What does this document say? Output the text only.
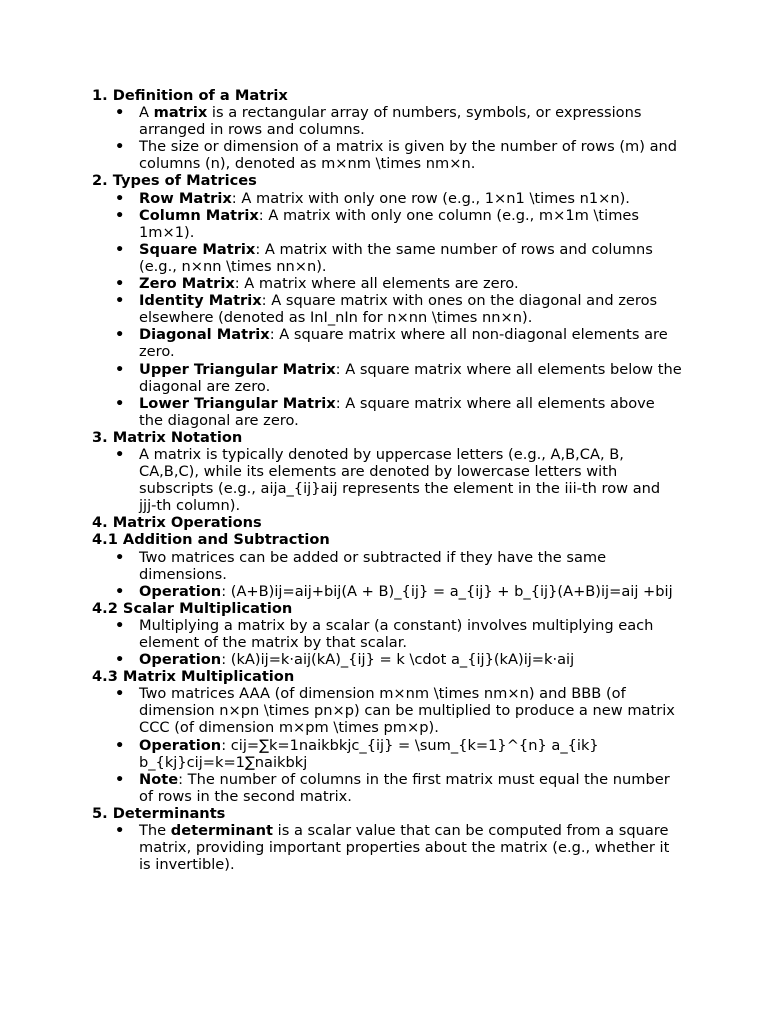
1. Definition of a Matrix
• A matrix is a rectangular array of numbers, symbols, or expressions arranged in rows and columns.
• The size or dimension of a matrix is given by the number of rows (m) and columns (n), denoted as m×nm \times nm×n.
2. Types of Matrices
• Row Matrix: A matrix with only one row (e.g., 1×n1 \times n1×n).
• Column Matrix: A matrix with only one column (e.g., m×1m \times 1m×1).
• Square Matrix: A matrix with the same number of rows and columns (e.g., n×nn \times nn×n).
• Zero Matrix: A matrix where all elements are zero.
• Identity Matrix: A square matrix with ones on the diagonal and zeros elsewhere (denoted as InI_nIn for n×nn \times nn×n).
• Diagonal Matrix: A square matrix where all non-diagonal elements are zero.
• Upper Triangular Matrix: A square matrix where all elements below the diagonal are zero.
• Lower Triangular Matrix: A square matrix where all elements above the diagonal are zero.
3. Matrix Notation
• A matrix is typically denoted by uppercase letters (e.g., A,B,CA, B, CA,B,C), while its elements are denoted by lowercase letters with subscripts (e.g., aija_{ij}aij represents the element in the iii-th row and jjj-th column).
4. Matrix Operations
4.1 Addition and Subtraction
• Two matrices can be added or subtracted if they have the same dimensions.
• Operation: (A+B)ij=aij+bij(A + B)_{ij} = a_{ij} + b_{ij}(A+B)ij=aij +bij
4.2 Scalar Multiplication
• Multiplying a matrix by a scalar (a constant) involves multiplying each element of the matrix by that scalar.
• Operation: (kA)ij=k⋅aij(kA)_{ij} = k \cdot a_{ij}(kA)ij=k⋅aij
4.3 Matrix Multiplication
• Two matrices AAA (of dimension m×nm \times nm×n) and BBB (of dimension n×pn \times pn×p) can be multiplied to produce a new matrix CCC (of dimension m×pm \times pm×p).
• Operation: cij=∑k=1naikbkjc_{ij} = \sum_{k=1}^{n} a_{ik} b_{kj}cij=k=1∑naikbkj
• Note: The number of columns in the first matrix must equal the number of rows in the second matrix.
5. Determinants
• The determinant is a scalar value that can be computed from a square matrix, providing important properties about the matrix (e.g., whether it is invertible).
